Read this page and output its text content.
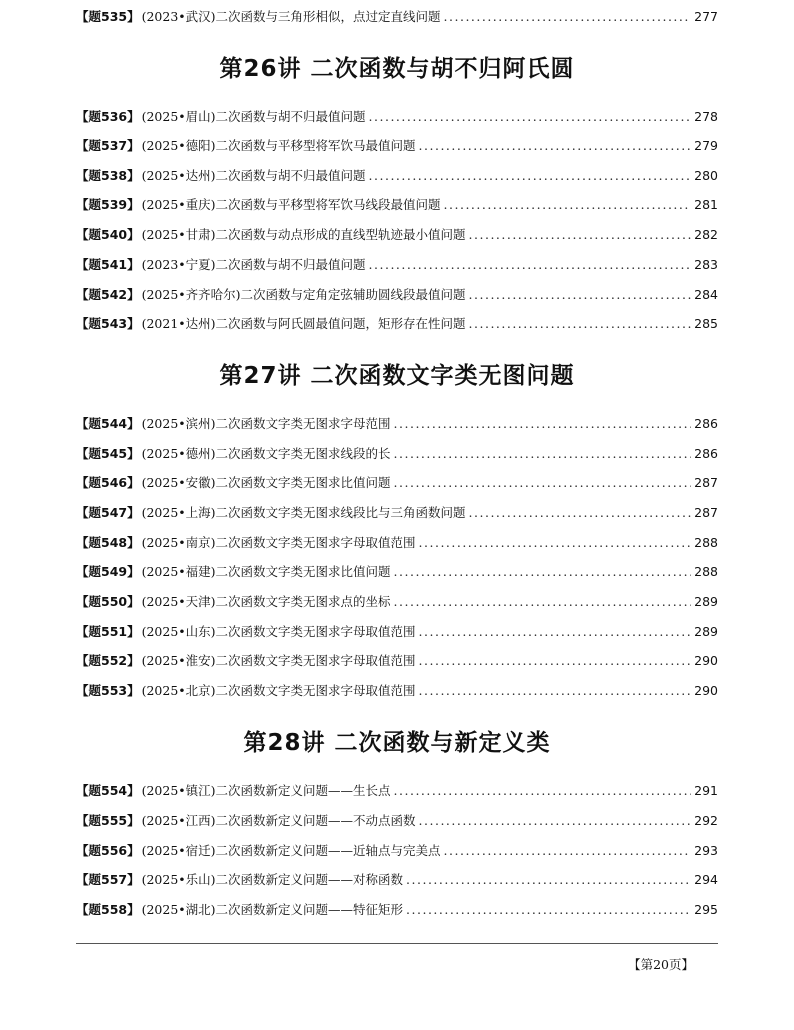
【题535】 (2023•武汉)二次函数与三角形相似，点过定直线问题 .....	277
第26讲 二次函数与胡不归阿氏圆
【题536】 (2025•眉山)二次函数与胡不归最值问题 .....	278
【题537】 (2025•德阳)二次函数与平移型将军饮马最值问题 .....	279
【题538】 (2025•达州)二次函数与胡不归最值问题 .....	280
【题539】 (2025•重庆)二次函数与平移型将军饮马线段最值问题 .....	281
【题540】 (2025•甘肃)二次函数与动点形成的直线型轨迹最小值问题 .....	282
【题541】 (2023•宁夏)二次函数与胡不归最值问题 .....	283
【题542】 (2025•齐齐哈尔)二次函数与定角定弦辅助圆线段最值问题 .....	284
【题543】 (2021•达州)二次函数与阿氏圆最值问题，矩形存在性问题 .....	285
第27讲 二次函数文字类无图问题
【题544】 (2025•滨州)二次函数文字类无图求字母范围 .....	286
【题545】 (2025•德州)二次函数文字类无图求线段的长 .....	286
【题546】 (2025•安徽)二次函数文字类无图求比值问题 .....	287
【题547】 (2025•上海)二次函数文字类无图求线段比与三角函数问题 .....	287
【题548】 (2025•南京)二次函数文字类无图求字母取值范围 .....	288
【题549】 (2025•福建)二次函数文字类无图求比值问题 .....	288
【题550】 (2025•天津)二次函数文字类无图求点的坐标 .....	289
【题551】 (2025•山东)二次函数文字类无图求字母取值范围 .....	289
【题552】 (2025•淮安)二次函数文字类无图求字母取值范围 .....	290
【题553】 (2025•北京)二次函数文字类无图求字母取值范围 .....	290
第28讲 二次函数与新定义类
【题554】 (2025•镇江)二次函数新定义问题——生长点 .....	291
【题555】 (2025•江西)二次函数新定义问题——不动点函数 .....	292
【题556】 (2025•宿迁)二次函数新定义问题——近轴点与完美点 .....	293
【题557】 (2025•乐山)二次函数新定义问题——对称函数 .....	294
【题558】 (2025•湖北)二次函数新定义问题——特征矩形 .....	295
【第20页】
